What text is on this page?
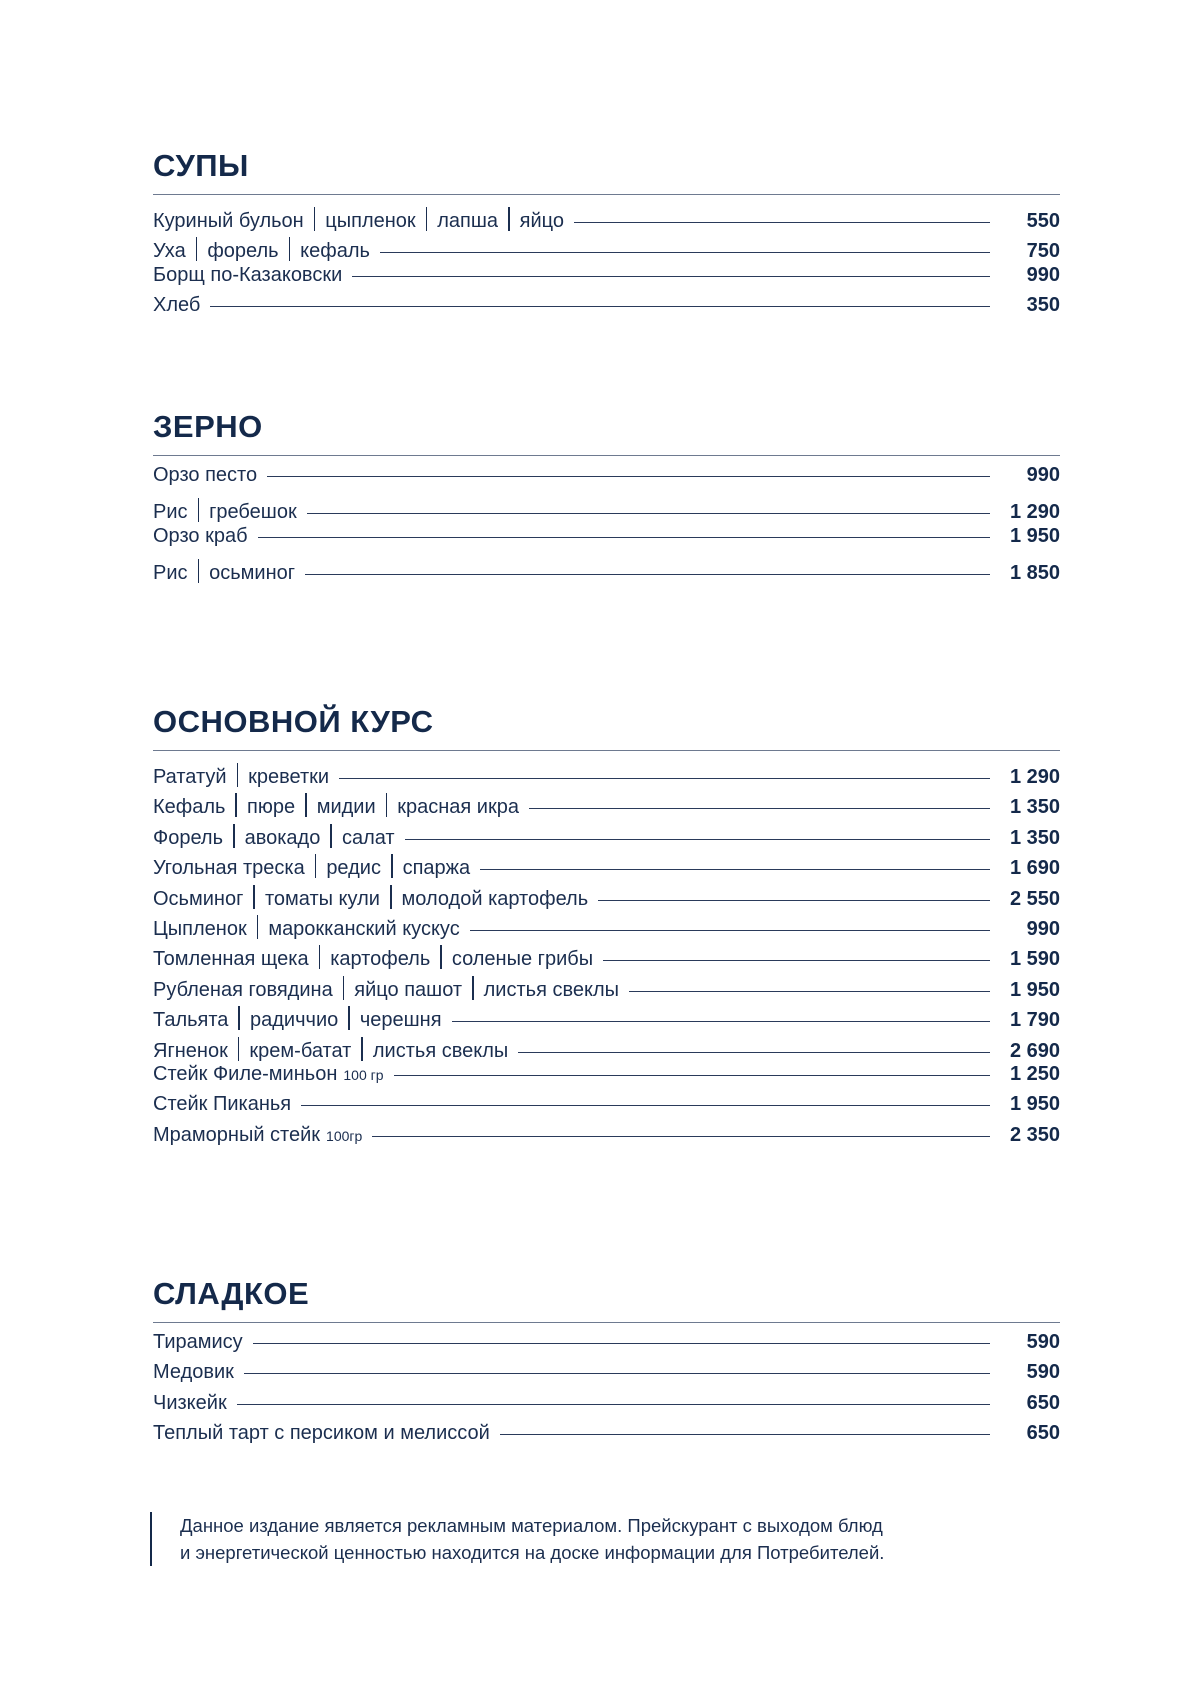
СУПЫ
Куриный бульон цыпленок лапша яйцо	550
Уха форель кефаль	750
Борщ по-Казаковски	990
Хлеб	350
ЗЕРНО
Орзо песто	990
Рис гребешок	1 290
Орзо краб	1 950
Рис осьминог	1 850
ОСНОВНОЙ КУРС
Рататуй креветки	1 290
Кефаль пюре мидии красная икра	1 350
Форель авокадо салат	1 350
Угольная треска редис спаржа	1 690
Осьминог томаты кули молодой картофель	2 550
Цыпленок марокканский кускус	990
Томленная щека картофель соленые грибы	1 590
Рубленая говядина яйцо пашот листья свеклы	1 950
Тальята радиччио черешня	1 790
Ягненок крем-батат листья свеклы	2 690
Стейк Филе-миньон 100 гр	1 250
Стейк Пиканья	1 950
Мраморный стейк 100гр	2 350
СЛАДКОЕ
Тирамису	590
Медовик	590
Чизкейк	650
Теплый тарт с персиком и мелиссой	650
Данное издание является рекламным материалом. Прейскурант с выходом блюд
и энергетической ценностью находится на доске информации для Потребителей.
